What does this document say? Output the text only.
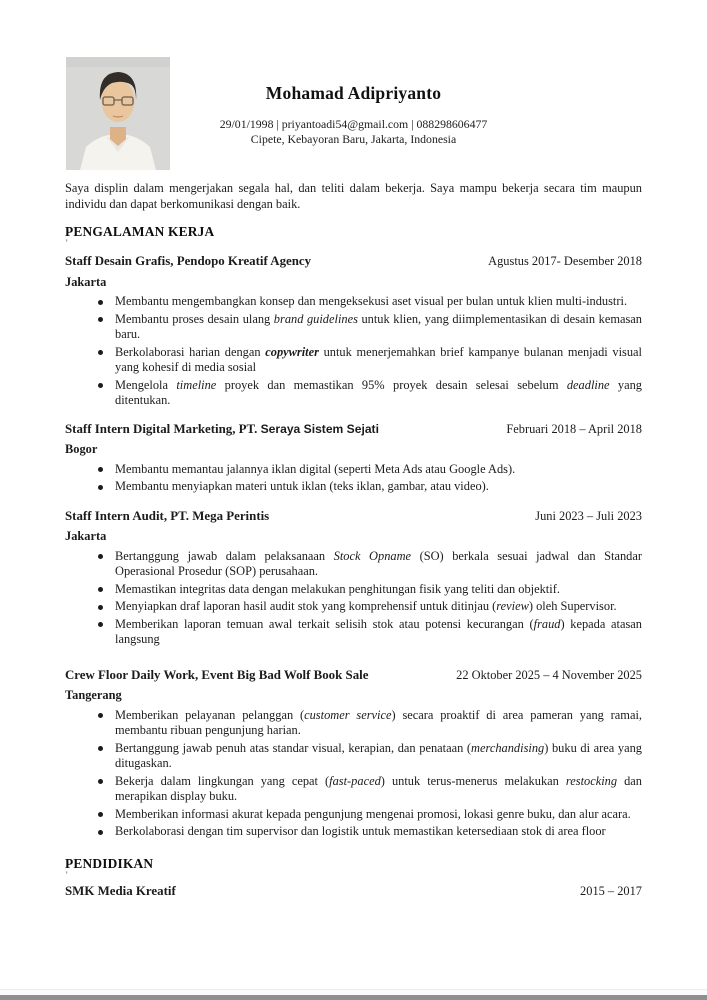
Mohamad Adipriyanto
29/01/1998 | priyantoadi54@gmail.com | 088298606477
Cipete, Kebayoran Baru, Jakarta, Indonesia

Saya displin dalam mengerjakan segala hal, dan teliti dalam bekerja. Saya mampu bekerja secara tim maupun individu dan dapat berkomunikasi dengan baik.

PENGALAMAN KERJA
'
Staff Desain Grafis, Pendopo Kreatif Agency	Agustus 2017- Desember 2018
Jakarta
Membantu mengembangkan konsep dan mengeksekusi aset visual per bulan untuk klien multi-industri.
Membantu proses desain ulang brand guidelines untuk klien, yang diimplementasikan di desain kemasan baru.
Berkolaborasi harian dengan copywriter untuk menerjemahkan brief kampanye bulanan menjadi visual yang kohesif di media sosial
Mengelola timeline proyek dan memastikan 95% proyek desain selesai sebelum deadline yang ditentukan.
Staff Intern Digital Marketing, PT. Seraya Sistem Sejati	Februari 2018 – April 2018
Bogor
Membantu memantau jalannya iklan digital (seperti Meta Ads atau Google Ads).
Membantu menyiapkan materi untuk iklan (teks iklan, gambar, atau video).
Staff Intern Audit, PT. Mega Perintis	Juni 2023 – Juli 2023
Jakarta
Bertanggung jawab dalam pelaksanaan Stock Opname (SO) berkala sesuai jadwal dan Standar Operasional Prosedur (SOP) perusahaan.
Memastikan integritas data dengan melakukan penghitungan fisik yang teliti dan objektif.
Menyiapkan draf laporan hasil audit stok yang komprehensif untuk ditinjau (review) oleh Supervisor.
Memberikan laporan temuan awal terkait selisih stok atau potensi kecurangan (fraud) kepada atasan langsung
Crew Floor Daily Work, Event Big Bad Wolf Book Sale	22 Oktober 2025 – 4 November 2025
Tangerang
Memberikan pelayanan pelanggan (customer service) secara proaktif di area pameran yang ramai, membantu ribuan pengunjung harian.
Bertanggung jawab penuh atas standar visual, kerapian, dan penataan (merchandising) buku di area yang ditugaskan.
Bekerja dalam lingkungan yang cepat (fast-paced) untuk terus-menerus melakukan restocking dan merapikan display buku.
Memberikan informasi akurat kepada pengunjung mengenai promosi, lokasi genre buku, dan alur acara.
Berkolaborasi dengan tim supervisor dan logistik untuk memastikan ketersediaan stok di area floor
PENDIDIKAN
'
SMK Media Kreatif	2015 – 2017
